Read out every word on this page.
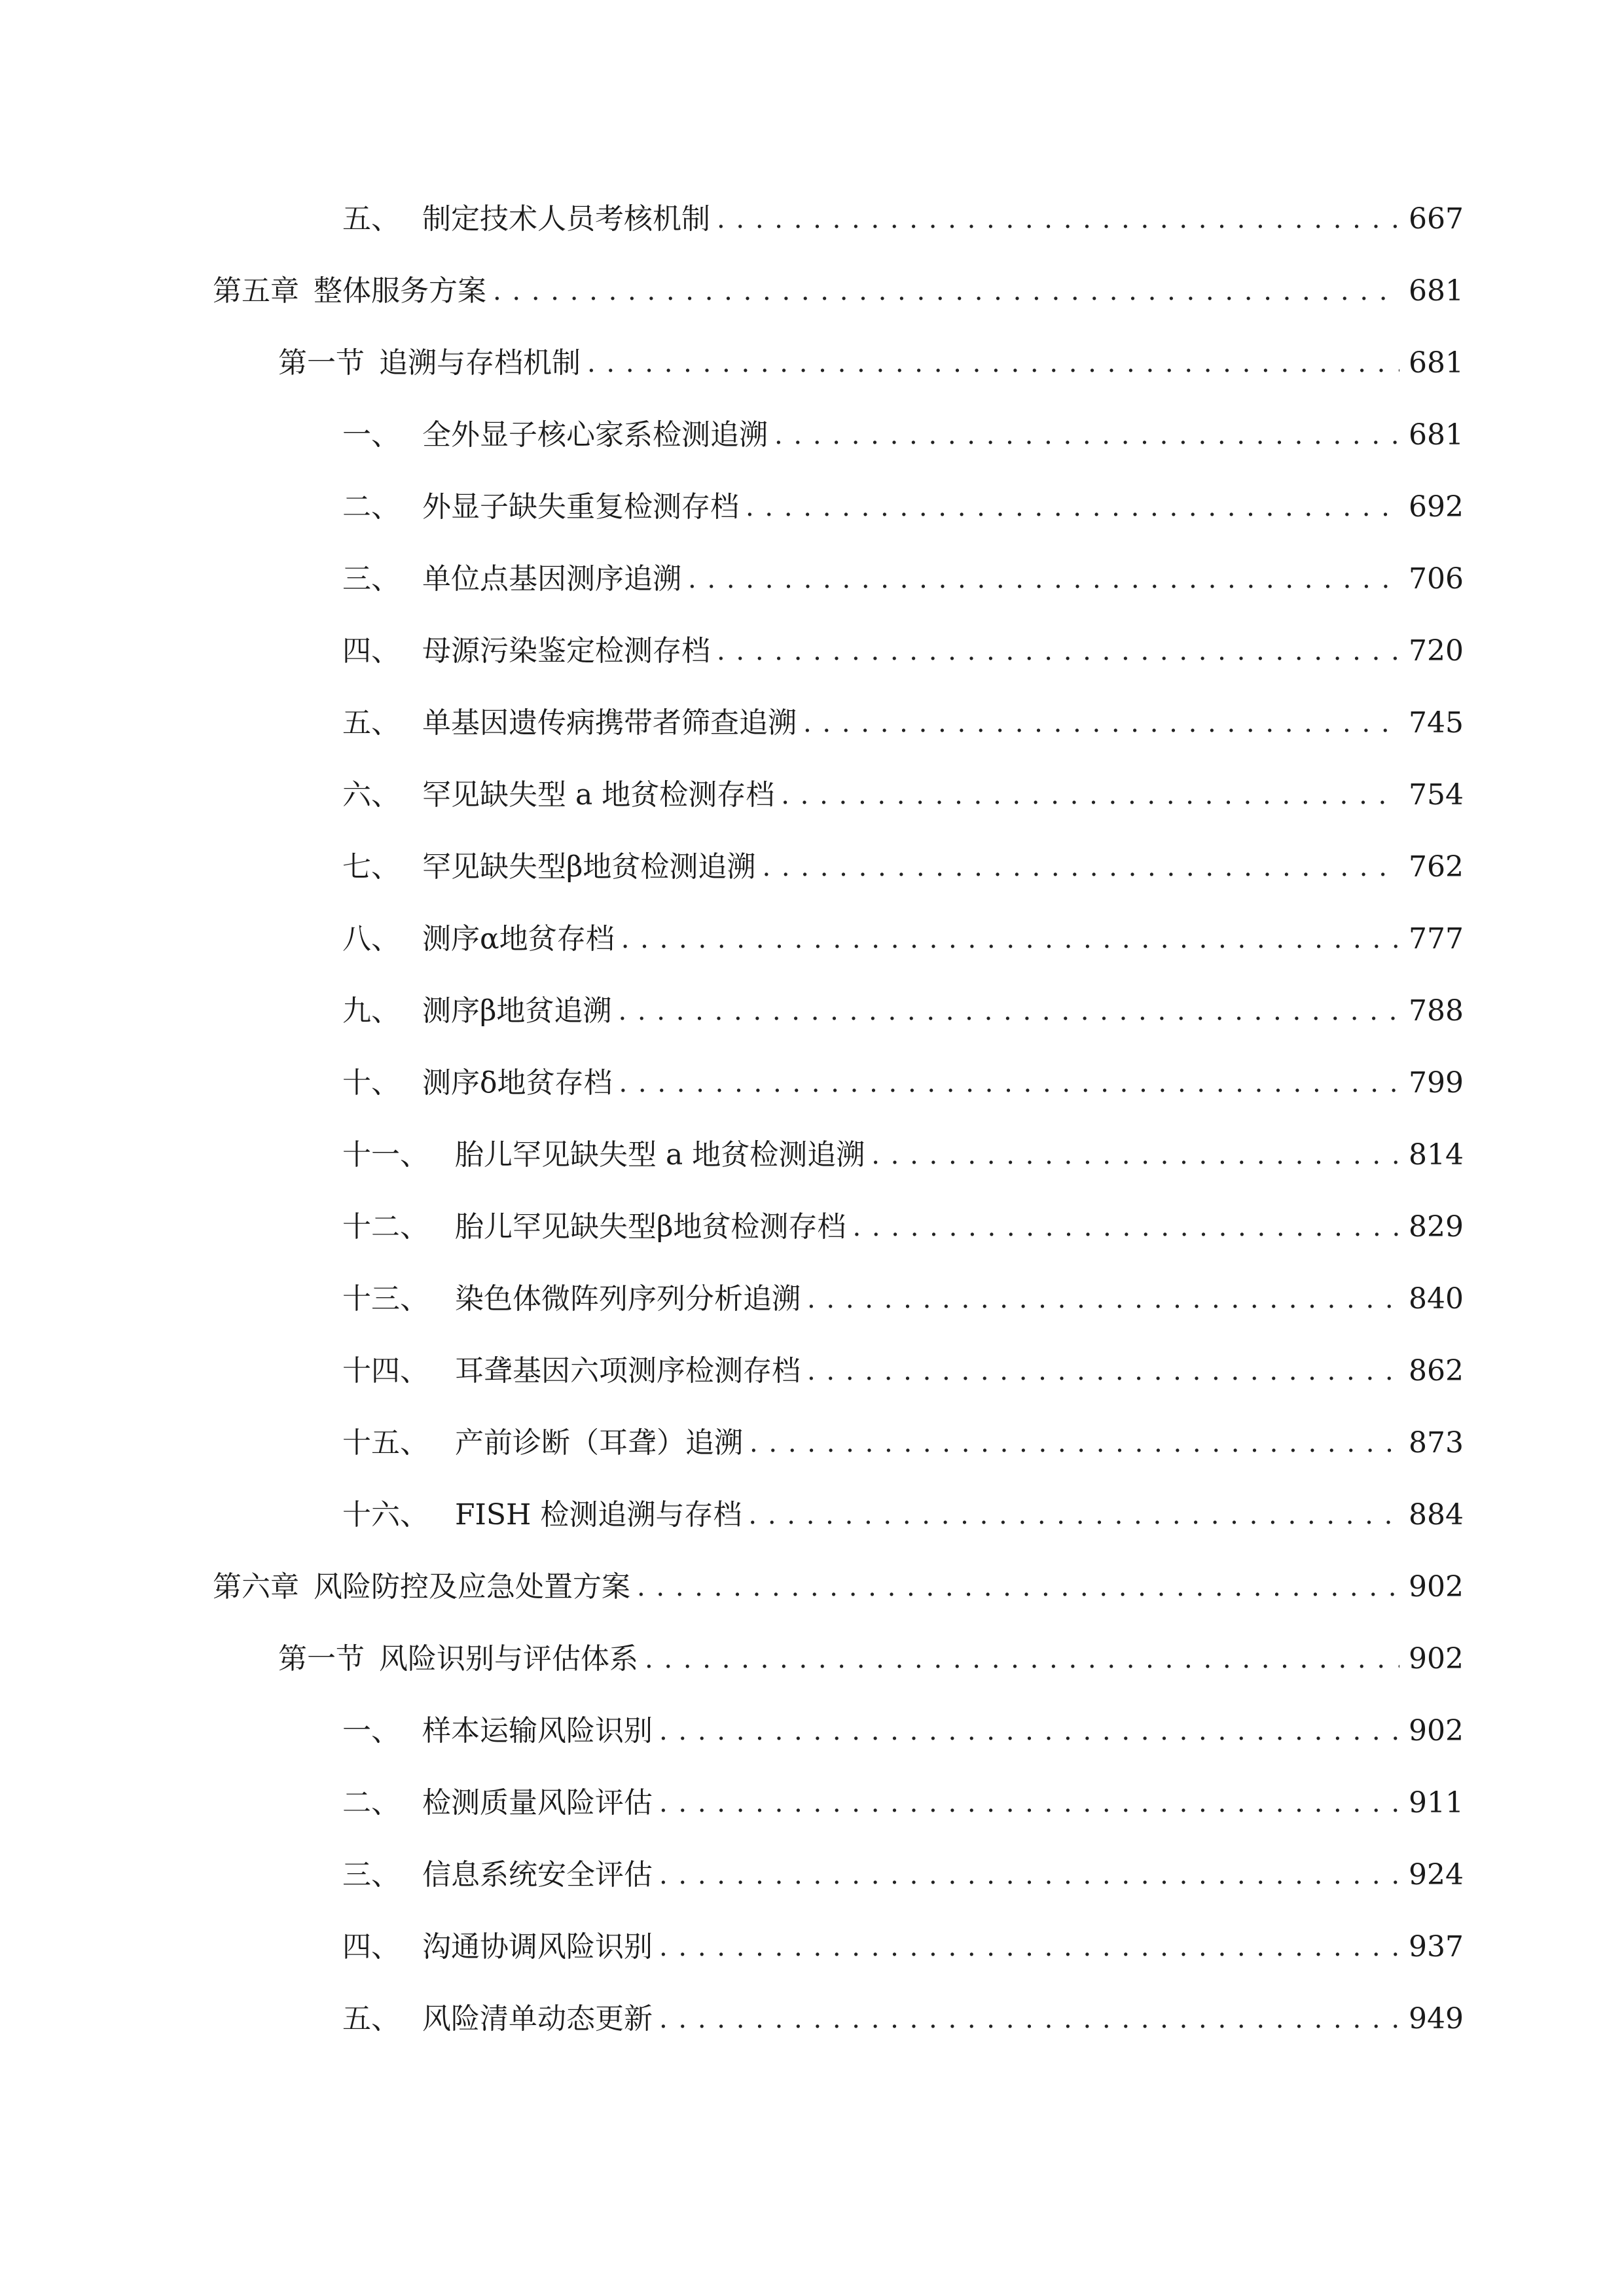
五、 制定技术人员考核机制 . . .	667
第五章 整体服务方案 . . .	681
第一节 追溯与存档机制 . . .	681
一、 全外显子核心家系检测追溯 . . .	681
二、 外显子缺失重复检测存档 . . .	692
三、 单位点基因测序追溯 . . .	706
四、 母源污染鉴定检测存档 . . .	720
五、 单基因遗传病携带者筛查追溯 . . .	745
六、 罕见缺失型 a 地贫检测存档 . . .	754
七、 罕见缺失型β地贫检测追溯 . . .	762
八、 测序α地贫存档 . . .	777
九、 测序β地贫追溯 . . .	788
十、 测序δ地贫存档 . . .	799
十一、 胎儿罕见缺失型 a 地贫检测追溯 . . .	814
十二、 胎儿罕见缺失型β地贫检测存档 . . .	829
十三、 染色体微阵列序列分析追溯 . . .	840
十四、 耳聋基因六项测序检测存档 . . .	862
十五、 产前诊断（耳聋）追溯 . . .	873
十六、 FISH 检测追溯与存档 . . .	884
第六章 风险防控及应急处置方案 . . .	902
第一节 风险识别与评估体系 . . .	902
一、 样本运输风险识别 . . .	902
二、 检测质量风险评估 . . .	911
三、 信息系统安全评估 . . .	924
四、 沟通协调风险识别 . . .	937
五、 风险清单动态更新 . . .	949
